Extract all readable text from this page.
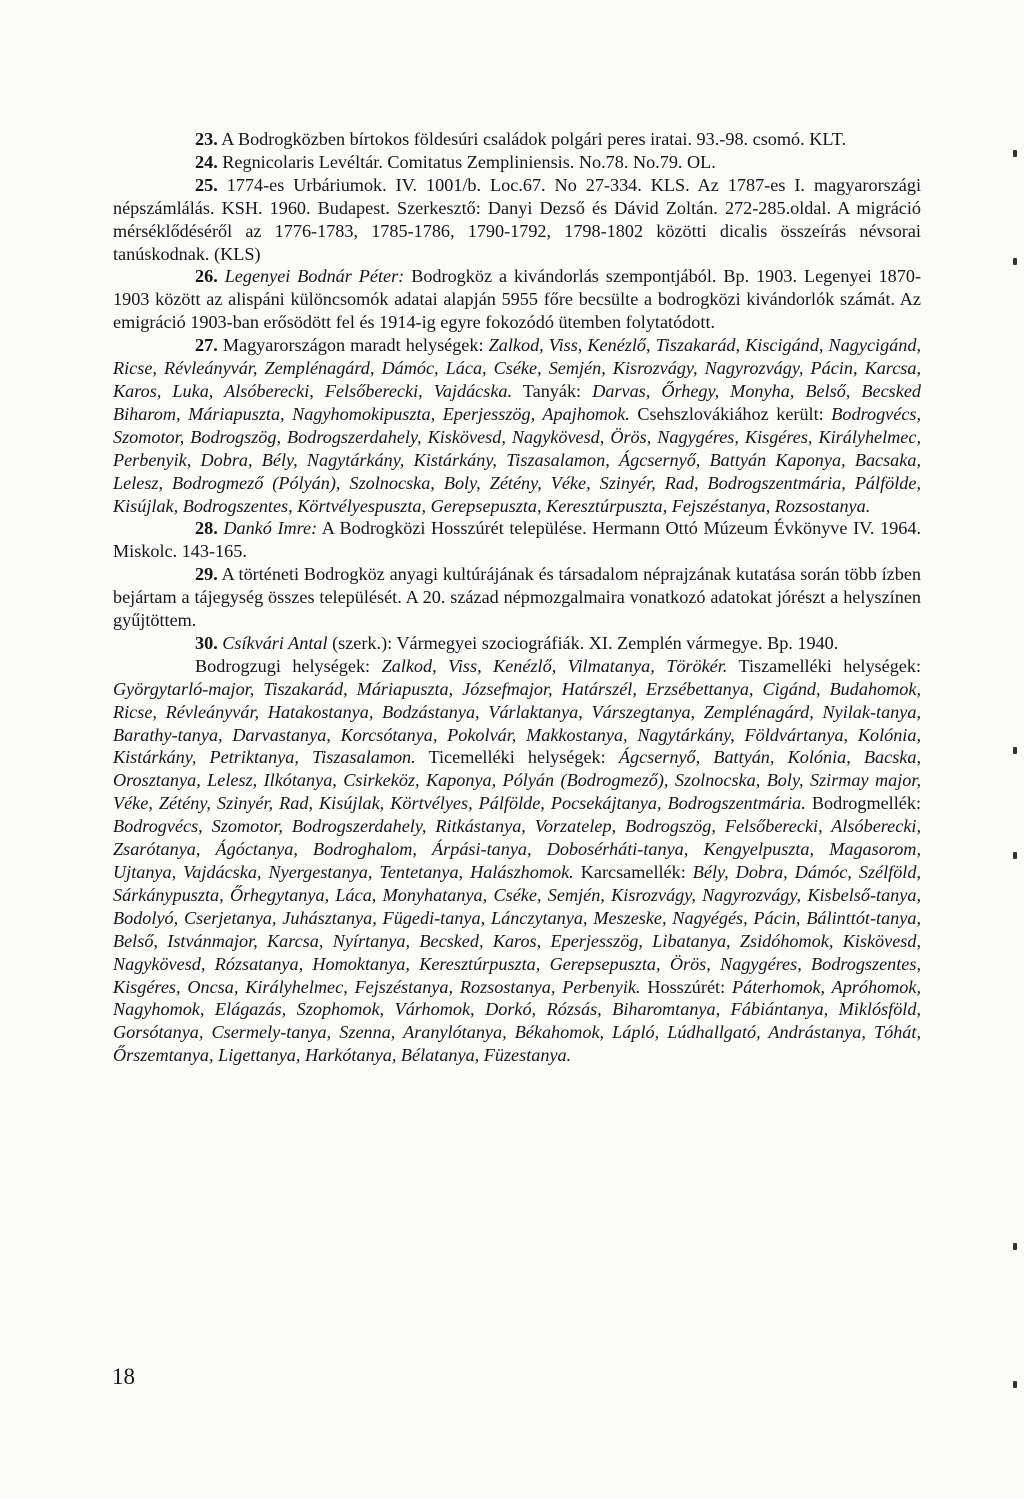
23. A Bodrogközben bírtokos földesúri családok polgári peres iratai. 93.-98. csomó. KLT.

24. Regnicolaris Levéltár. Comitatus Zempliniensis. No.78. No.79. OL.

25. 1774-es Urbáriumok. IV. 1001/b. Loc.67. No 27-334. KLS. Az 1787-es I. magyarországi népszámlálás. KSH. 1960. Budapest. Szerkesztő: Danyi Dezső és Dávid Zoltán. 272-285.oldal. A migráció mérséklődéséről az 1776-1783, 1785-1786, 1790-1792, 1798-1802 közötti dicalis összeírás névsorai tanúskodnak. (KLS)

26. Legenyei Bodnár Péter: Bodrogköz a kivándorlás szempontjából. Bp. 1903. Legenyei 1870-1903 között az alispáni különcsomók adatai alapján 5955 főre becsülte a bodrogközi kivándorlók számát. Az emigráció 1903-ban erősödött fel és 1914-ig egyre fokozódó ütemben folytatódott.

27. Magyarországon maradt helységek: Zalkod, Viss, Kenézlő, Tiszakarád, Kiscigánd, Nagycigánd, Ricse, Révleányvár, Zemplénagárd, Dámóc, Láca, Cséke, Semjén, Kisrozvágy, Nagyrozvágy, Pácin, Karcsa, Karos, Luka, Alsóberecki, Felsőberecki, Vajdácska. Tanyák: Darvas, Őrhegy, Monyha, Belső, Becsked Biharom, Máriapuszta, Nagyhomokipuszta, Eperjesszög, Apajhomok. Csehszlovákiához került: Bodrogvécs, Szomotor, Bodrogszög, Bodrogszerdahely, Kiskövesd, Nagykövesd, Örös, Nagygéres, Kisgéres, Királyhelmec, Perbenyik, Dobra, Bély, Nagytárkány, Kistárkány, Tiszasalamon, Ágcsernyő, Battyán Kaponya, Bacsaka, Lelesz, Bodrogmező (Pólyán), Szolnocska, Boly, Zétény, Véke, Szinyér, Rad, Bodrogszentmária, Pálfölde, Kisújlak, Bodrogszentes, Körtvélyespuszta, Gerepsepuszta, Keresztúrpuszta, Fejszéstanya, Rozsostanya.

28. Dankó Imre: A Bodrogközi Hosszúrét települése. Hermann Ottó Múzeum Évkönyve IV. 1964. Miskolc. 143-165.

29. A történeti Bodrogköz anyagi kultúrájának és társadalom néprajzának kutatása során több ízben bejártam a tájegység összes települését. A 20. század népmozgalmaira vonatkozó adatokat jórészt a helyszínen gyűjtöttem.

30. Csíkvári Antal (szerk.): Vármegyei szociográfiák. XI. Zemplén vármegye. Bp. 1940.

Bodrogzugi helységek: Zalkod, Viss, Kenézlő, Vilmatanya, Törökér. Tiszamelléki helységek: Györgytarló-major, Tiszakarád, Máriapuszta, Józsefmajor, Határszél, Erzsébettanya, Cigánd, Budahomok, Ricse, Révleányvár, Hatakostanya, Bodzástanya, Várlaktanya, Várszegtanya, Zemplénagárd, Nyilak-tanya, Barathy-tanya, Darvastanya, Korcsótanya, Pokolvár, Makkostanya, Nagytárkány, Földvártanya, Kolónia, Kistárkány, Petriktanya, Tiszasalamon. Ticemelléki helységek: Ágcsernyő, Battyán, Kolónia, Bacska, Orosztanya, Lelesz, Ilkótanya, Csirkeköz, Kaponya, Pólyán (Bodrogmező), Szolnocska, Boly, Szirmay major, Véke, Zétény, Szinyér, Rad, Kisújlak, Körtvélyes, Pálfölde, Pocsekájtanya, Bodrogszentmária. Bodrogmellék: Bodrogvécs, Szomotor, Bodrogszerdahely, Ritkástanya, Vorzatelep, Bodrogszög, Felsőberecki, Alsóberecki, Zsarótanya, Ágóctanya, Bodroghalom, Árpási-tanya, Dobosérháti-tanya, Kengyelpuszta, Magasorom, Ujtanya, Vajdácska, Nyergestanya, Tentetanya, Halászhomok. Karcsamellék: Bély, Dobra, Dámóc, Szélföld, Sárkánypuszta, Őrhegytanya, Láca, Monyhatanya, Cséke, Semjén, Kisrozvágy, Nagyrozvágy, Kisbelső-tanya, Bodolyó, Cserjetanya, Juhásztanya, Fügedi-tanya, Lánczytanya, Meszeske, Nagyégés, Pácin, Bálinttót-tanya, Belső, Istvánmajor, Karcsa, Nyírtanya, Becsked, Karos, Eperjesszög, Libatanya, Zsidóhomok, Kiskövesd, Nagykövesd, Rózsatanya, Homoktanya, Keresztúrpuszta, Gerepsepuszta, Örös, Nagygéres, Bodrogszentes, Kisgéres, Oncsa, Királyhelmec, Fejszéstanya, Rozsostanya, Perbenyik. Hosszúrét: Páterhomok, Apróhomok, Nagyhomok, Elágazás, Szophomok, Várhomok, Dorkó, Rózsás, Biharomtanya, Fábiántanya, Miklósföld, Gorsótanya, Csermely-tanya, Szenna, Aranylótanya, Békahomok, Lápló, Lúdhallgató, Andrástanya, Tóhát, Őrszemtanya, Ligettanya, Harkótanya, Bélatanya, Füzestanya.

18
